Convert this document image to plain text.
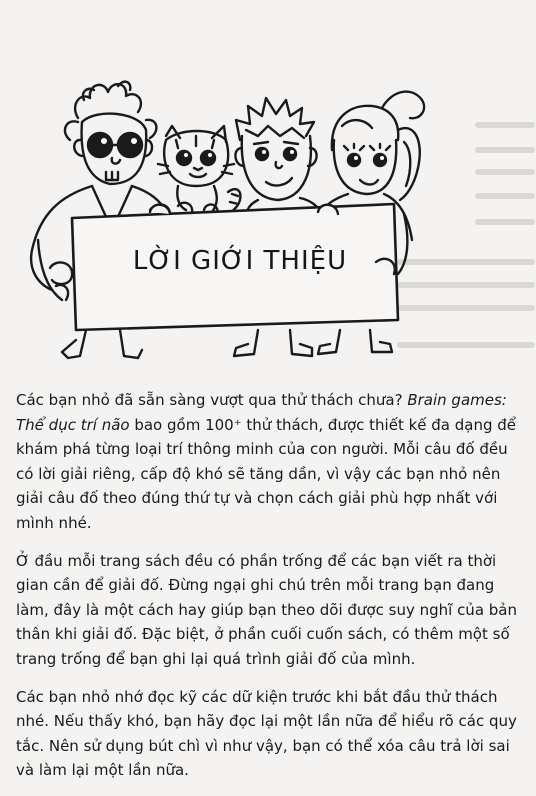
LỜI GIỚI THIỆU

Các bạn nhỏ đã sẵn sàng vượt qua thử thách chưa? Brain games: Thể dục trí não bao gồm 100⁺ thử thách, được thiết kế đa dạng để khám phá từng loại trí thông minh của con người. Mỗi câu đố đều có lời giải riêng, cấp độ khó sẽ tăng dần, vì vậy các bạn nhỏ nên giải câu đố theo đúng thứ tự và chọn cách giải phù hợp nhất với mình nhé.

Ở đầu mỗi trang sách đều có phần trống để các bạn viết ra thời gian cần để giải đố. Đừng ngại ghi chú trên mỗi trang bạn đang làm, đây là một cách hay giúp bạn theo dõi được suy nghĩ của bản thân khi giải đố. Đặc biệt, ở phần cuối cuốn sách, có thêm một số trang trống để bạn ghi lại quá trình giải đố của mình.

Các bạn nhỏ nhớ đọc kỹ các dữ kiện trước khi bắt đầu thử thách nhé. Nếu thấy khó, bạn hãy đọc lại một lần nữa để hiểu rõ các quy tắc. Nên sử dụng bút chì vì như vậy, bạn có thể xóa câu trả lời sai và làm lại một lần nữa.
